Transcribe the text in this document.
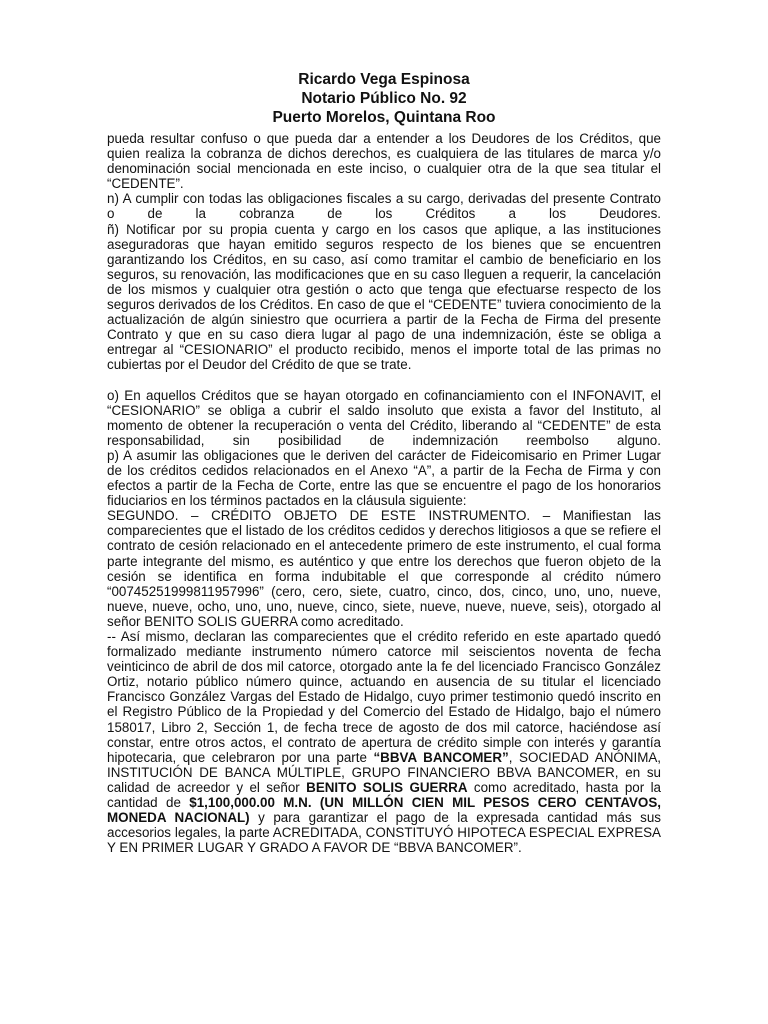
Ricardo Vega Espinosa
Notario Público No. 92
Puerto Morelos, Quintana Roo

pueda resultar confuso o que pueda dar a entender a los Deudores de los Créditos, que quien realiza la cobranza de dichos derechos, es cualquiera de las titulares de marca y/o denominación social mencionada en este inciso, o cualquier otra de la que sea titular el “CEDENTE”.

n) A cumplir con todas las obligaciones fiscales a su cargo, derivadas del presente Contrato o de la cobranza de los Créditos a los Deudores.

ñ) Notificar por su propia cuenta y cargo en los casos que aplique, a las instituciones aseguradoras que hayan emitido seguros respecto de los bienes que se encuentren garantizando los Créditos, en su caso, así como tramitar el cambio de beneficiario en los seguros, su renovación, las modificaciones que en su caso lleguen a requerir, la cancelación de los mismos y cualquier otra gestión o acto que tenga que efectuarse respecto de los seguros derivados de los Créditos. En caso de que el “CEDENTE” tuviera conocimiento de la actualización de algún siniestro que ocurriera a partir de la Fecha de Firma del presente Contrato y que en su caso diera lugar al pago de una indemnización, éste se obliga a entregar al “CESIONARIO” el producto recibido, menos el importe total de las primas no cubiertas por el Deudor del Crédito de que se trate.

o) En aquellos Créditos que se hayan otorgado en cofinanciamiento con el INFONAVIT, el “CESIONARIO” se obliga a cubrir el saldo insoluto que exista a favor del Instituto, al momento de obtener la recuperación o venta del Crédito, liberando al “CEDENTE” de esta responsabilidad, sin posibilidad de indemnización reembolso alguno.

p) A asumir las obligaciones que le deriven del carácter de Fideicomisario en Primer Lugar de los créditos cedidos relacionados en el Anexo “A”, a partir de la Fecha de Firma y con efectos a partir de la Fecha de Corte, entre las que se encuentre el pago de los honorarios fiduciarios en los términos pactados en la cláusula siguiente:

SEGUNDO. – CRÉDITO OBJETO DE ESTE INSTRUMENTO. – Manifiestan las comparecientes que el listado de los créditos cedidos y derechos litigiosos a que se refiere el contrato de cesión relacionado en el antecedente primero de este instrumento, el cual forma parte integrante del mismo, es auténtico y que entre los derechos que fueron objeto de la cesión se identifica en forma indubitable el que corresponde al crédito número “00745251999811957996” (cero, cero, siete, cuatro, cinco, dos, cinco, uno, uno, nueve, nueve, nueve, ocho, uno, uno, nueve, cinco, siete, nueve, nueve, nueve, seis), otorgado al señor BENITO SOLIS GUERRA como acreditado.

-- Así mismo, declaran las comparecientes que el crédito referido en este apartado quedó formalizado mediante instrumento número catorce mil seiscientos noventa de fecha veinticinco de abril de dos mil catorce, otorgado ante la fe del licenciado Francisco González Ortiz, notario público número quince, actuando en ausencia de su titular el licenciado Francisco González Vargas del Estado de Hidalgo, cuyo primer testimonio quedó inscrito en el Registro Público de la Propiedad y del Comercio del Estado de Hidalgo, bajo el número 158017, Libro 2, Sección 1, de fecha trece de agosto de dos mil catorce, haciéndose así constar, entre otros actos, el contrato de apertura de crédito simple con interés y garantía hipotecaria, que celebraron por una parte “BBVA BANCOMER”, SOCIEDAD ANÓNIMA, INSTITUCIÓN DE BANCA MÚLTIPLE, GRUPO FINANCIERO BBVA BANCOMER, en su calidad de acreedor y el señor BENITO SOLIS GUERRA como acreditado, hasta por la cantidad de $1,100,000.00 M.N. (UN MILLÓN CIEN MIL PESOS CERO CENTAVOS, MONEDA NACIONAL) y para garantizar el pago de la expresada cantidad más sus accesorios legales, la parte ACREDITADA, CONSTITUYÓ HIPOTECA ESPECIAL EXPRESA Y EN PRIMER LUGAR Y GRADO A FAVOR DE “BBVA BANCOMER”.
